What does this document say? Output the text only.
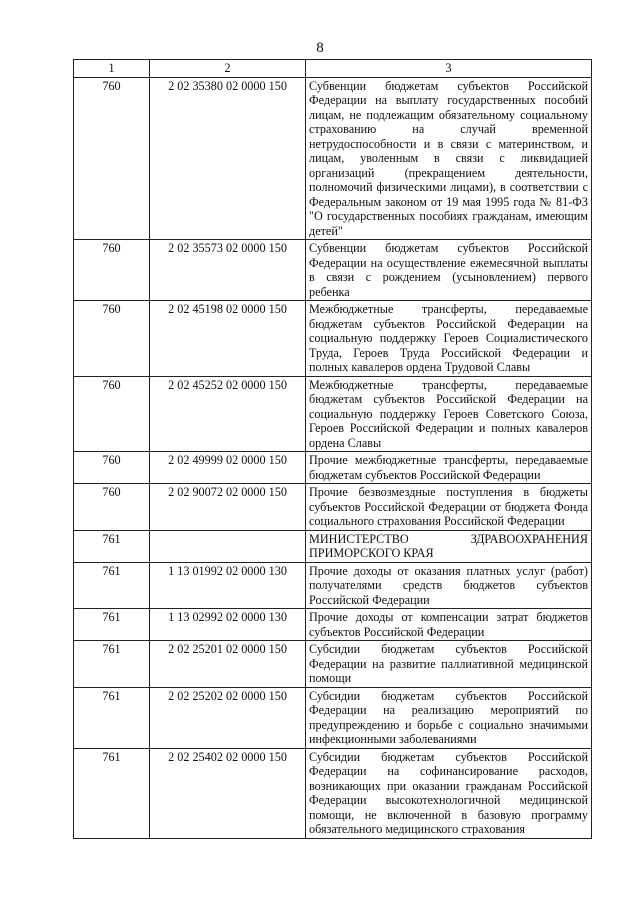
8
1	2	3
760	2 02 35380 02 0000 150	Субвенции бюджетам субъектов Российской Федерации на выплату государственных пособий лицам, не подлежащим обязательному социальному страхованию на случай временной нетрудоспособности и в связи с материнством, и лицам, уволенным в связи с ликвидацией организаций (прекращением деятельности, полномочий физическими лицами), в соответствии с Федеральным законом от 19 мая 1995 года № 81-ФЗ "О государственных пособиях гражданам, имеющим детей"
760	2 02 35573 02 0000 150	Субвенции бюджетам субъектов Российской Федерации на осуществление ежемесячной выплаты в связи с рождением (усыновлением) первого ребенка
760	2 02 45198 02 0000 150	Межбюджетные трансферты, передаваемые бюджетам субъектов Российской Федерации на социальную поддержку Героев Социалистического Труда, Героев Труда Российской Федерации и полных кавалеров ордена Трудовой Славы
760	2 02 45252 02 0000 150	Межбюджетные трансферты, передаваемые бюджетам субъектов Российской Федерации на социальную поддержку Героев Советского Союза, Героев Российской Федерации и полных кавалеров ордена Славы
760	2 02 49999 02 0000 150	Прочие межбюджетные трансферты, передаваемые бюджетам субъектов Российской Федерации
760	2 02 90072 02 0000 150	Прочие безвозмездные поступления в бюджеты субъектов Российской Федерации от бюджета Фонда социального страхования Российской Федерации
761		МИНИСТЕРСТВО ЗДРАВООХРАНЕНИЯ ПРИМОРСКОГО КРАЯ
761	1 13 01992 02 0000 130	Прочие доходы от оказания платных услуг (работ) получателями средств бюджетов субъектов Российской Федерации
761	1 13 02992 02 0000 130	Прочие доходы от компенсации затрат бюджетов субъектов Российской Федерации
761	2 02 25201 02 0000 150	Субсидии бюджетам субъектов Российской Федерации на развитие паллиативной медицинской помощи
761	2 02 25202 02 0000 150	Субсидии бюджетам субъектов Российской Федерации на реализацию мероприятий по предупреждению и борьбе с социально значимыми инфекционными заболеваниями
761	2 02 25402 02 0000 150	Субсидии бюджетам субъектов Российской Федерации на софинансирование расходов, возникающих при оказании гражданам Российской Федерации высокотехнологичной медицинской помощи, не включенной в базовую программу обязательного медицинского страхования
